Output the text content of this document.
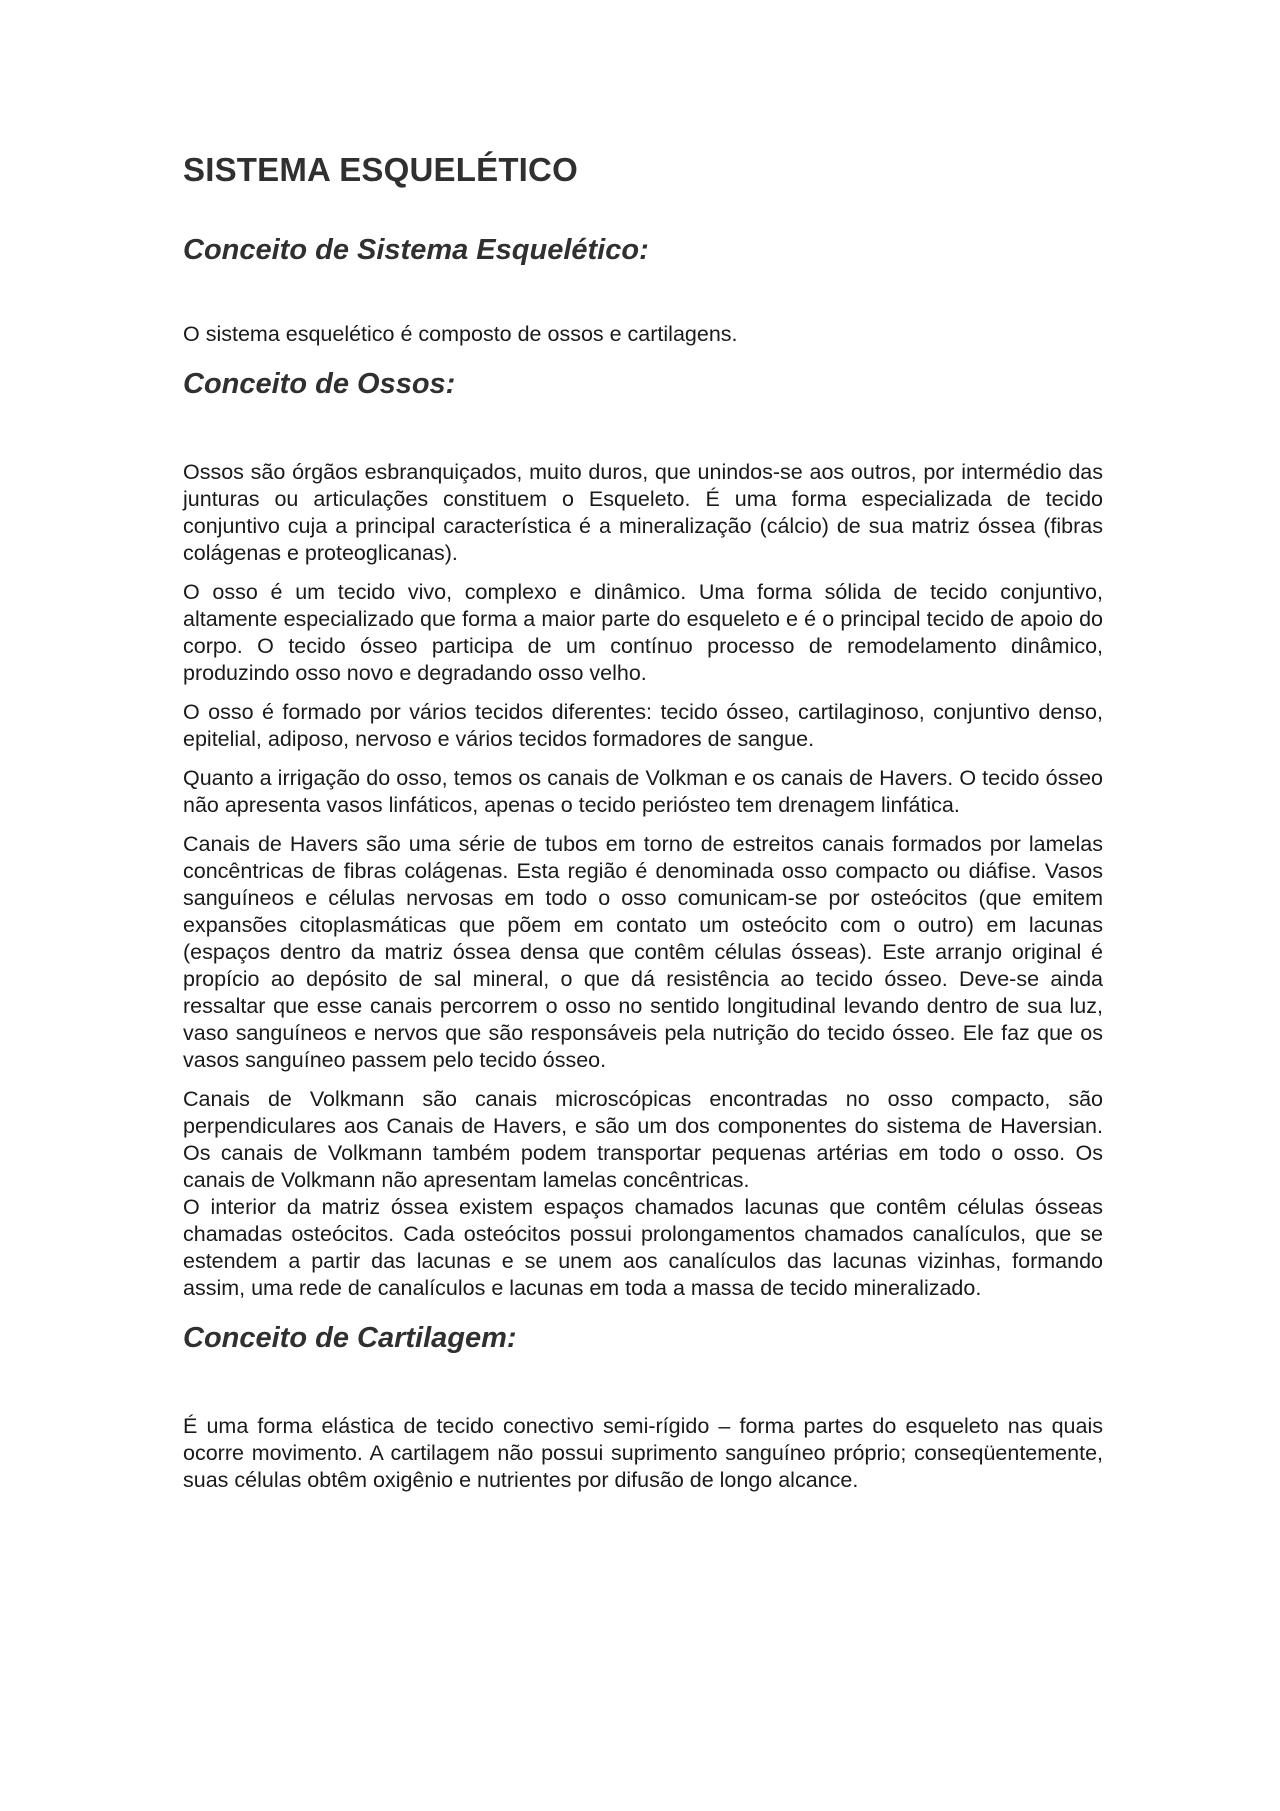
SISTEMA ESQUELÉTICO
Conceito de Sistema Esquelético:

O sistema esquelético é composto de ossos e cartilagens.

Conceito de Ossos:

Ossos são órgãos esbranquiçados, muito duros, que unindos-se aos outros, por intermédio das junturas ou articulações constituem o Esqueleto. É uma forma especializada de tecido conjuntivo cuja a principal característica é a mineralização (cálcio) de sua matriz óssea (fibras colágenas e proteoglicanas).

O osso é um tecido vivo, complexo e dinâmico. Uma forma sólida de tecido conjuntivo, altamente especializado que forma a maior parte do esqueleto e é o principal tecido de apoio do corpo. O tecido ósseo participa de um contínuo processo de remodelamento dinâmico, produzindo osso novo e degradando osso velho.

O osso é formado por vários tecidos diferentes: tecido ósseo, cartilaginoso, conjuntivo denso, epitelial, adiposo, nervoso e vários tecidos formadores de sangue.

Quanto a irrigação do osso, temos os canais de Volkman e os canais de Havers. O tecido ósseo não apresenta vasos linfáticos, apenas o tecido periósteo tem drenagem linfática.

Canais de Havers são uma série de tubos em torno de estreitos canais formados por lamelas concêntricas de fibras colágenas. Esta região é denominada osso compacto ou diáfise. Vasos sanguíneos e células nervosas em todo o osso comunicam-se por osteócitos (que emitem expansões citoplasmáticas que põem em contato um osteócito com o outro) em lacunas (espaços dentro da matriz óssea densa que contêm células ósseas). Este arranjo original é propício ao depósito de sal mineral, o que dá resistência ao tecido ósseo. Deve-se ainda ressaltar que esse canais percorrem o osso no sentido longitudinal levando dentro de sua luz, vaso sanguíneos e nervos que são responsáveis pela nutrição do tecido ósseo. Ele faz que os vasos sanguíneo passem pelo tecido ósseo.

Canais de Volkmann são canais microscópicas encontradas no osso compacto, são perpendiculares aos Canais de Havers, e são um dos componentes do sistema de Haversian. Os canais de Volkmann também podem transportar pequenas artérias em todo o osso. Os canais de Volkmann não apresentam lamelas concêntricas.

O interior da matriz óssea existem espaços chamados lacunas que contêm células ósseas chamadas osteócitos. Cada osteócitos possui prolongamentos chamados canalículos, que se estendem a partir das lacunas e se unem aos canalículos das lacunas vizinhas, formando assim, uma rede de canalículos e lacunas em toda a massa de tecido mineralizado.

Conceito de Cartilagem:

É uma forma elástica de tecido conectivo semi-rígido – forma partes do esqueleto nas quais ocorre movimento. A cartilagem não possui suprimento sanguíneo próprio; conseqüentemente, suas células obtêm oxigênio e nutrientes por difusão de longo alcance.
